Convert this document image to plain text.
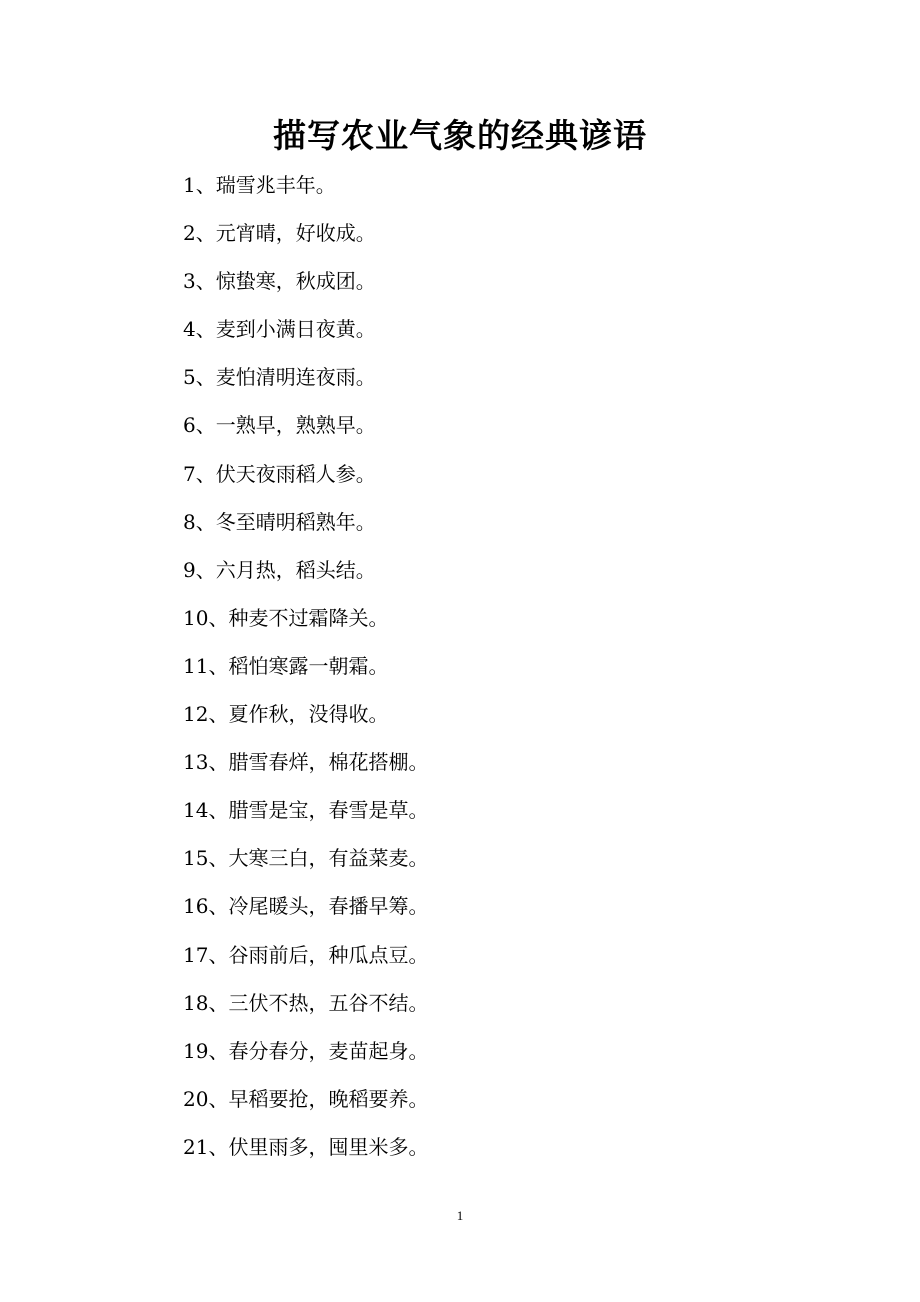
描写农业气象的经典谚语
1、瑞雪兆丰年。
2、元宵晴，好收成。
3、惊蛰寒，秋成团。
4、麦到小满日夜黄。
5、麦怕清明连夜雨。
6、一熟早，熟熟早。
7、伏天夜雨稻人参。
8、冬至晴明稻熟年。
9、六月热，稻头结。
10、种麦不过霜降关。
11、稻怕寒露一朝霜。
12、夏作秋，没得收。
13、腊雪春烊，棉花搭棚。
14、腊雪是宝，春雪是草。
15、大寒三白，有益菜麦。
16、冷尾暖头，春播早筹。
17、谷雨前后，种瓜点豆。
18、三伏不热，五谷不结。
19、春分春分，麦苗起身。
20、早稻要抢，晚稻要养。
21、伏里雨多，囤里米多。
1
